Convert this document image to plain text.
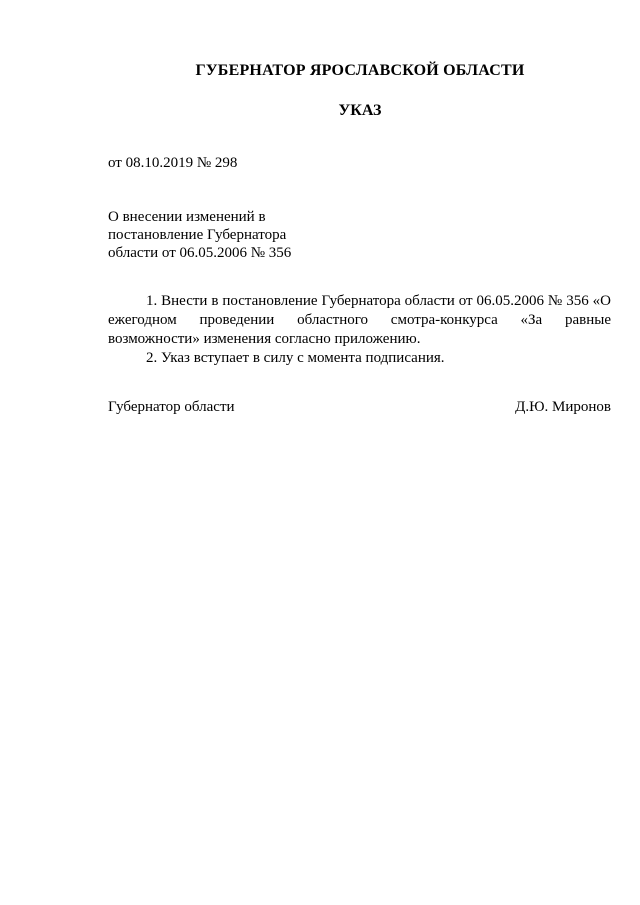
ГУБЕРНАТОР ЯРОСЛАВСКОЙ ОБЛАСТИ
УКАЗ
от 08.10.2019 № 298
О внесении изменений в
постановление Губернатора
области от 06.05.2006 № 356

1. Внести в постановление Губернатора области от 06.05.2006 № 356 «О ежегодном проведении областного смотра-конкурса «За равные возможности» изменения согласно приложению.

2. Указ вступает в силу с момента подписания.

Губернатор области	Д.Ю. Миронов
